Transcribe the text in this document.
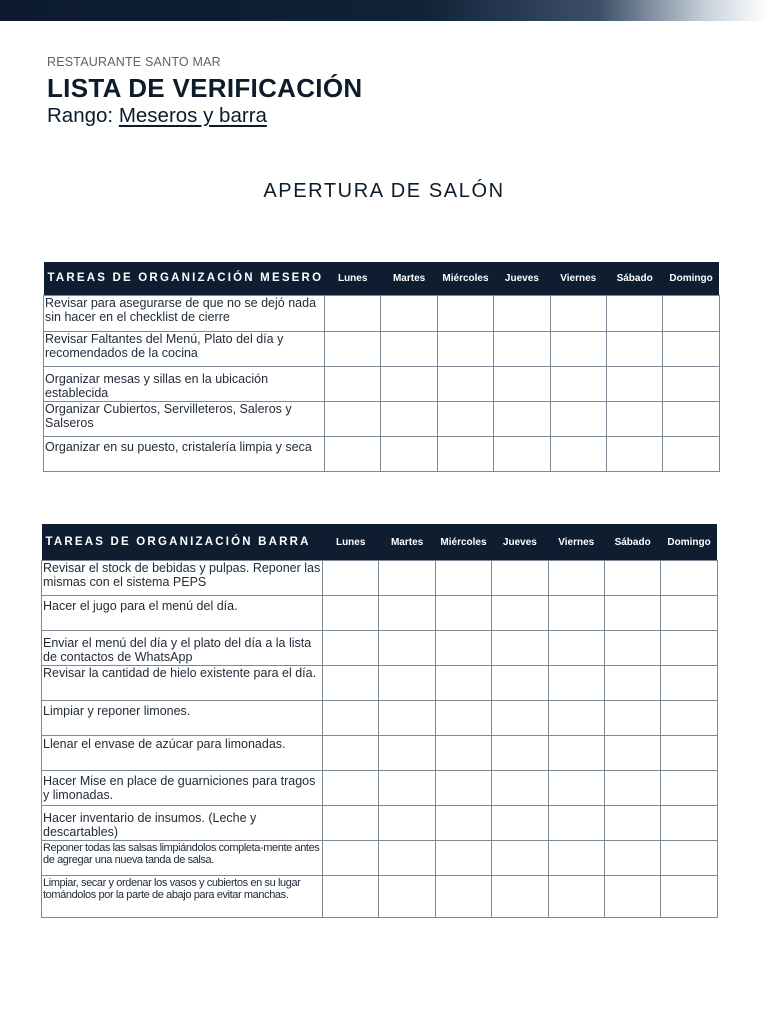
RESTAURANTE SANTO MAR
LISTA DE VERIFICACIÓN
Rango: Meseros y barra
APERTURA DE SALÓN
TAREAS DE ORGANIZACIÓN MESERO	Lunes	Martes	Miércoles	Jueves	Viernes	Sábado	Domingo
Revisar para asegurarse de que no se dejó nada sin hacer en el checklist de cierre							
Revisar Faltantes del Menú, Plato del día y recomendados de la cocina							
Organizar mesas y sillas en la ubicación establecida							
Organizar Cubiertos, Servilleteros, Saleros y Salseros							
Organizar en su puesto, cristalería limpia y seca							
TAREAS DE ORGANIZACIÓN BARRA	Lunes	Martes	Miércoles	Jueves	Viernes	Sábado	Domingo
Revisar el stock de bebidas y pulpas. Reponer las mismas con el sistema PEPS							
Hacer el jugo para el menú del día.							
Enviar el menú del día y el plato del día a la lista de contactos de WhatsApp							
Revisar la cantidad de hielo existente para el día.							
Limpiar y reponer limones.							
Llenar el envase de azúcar para limonadas.							
Hacer Mise en place de guarniciones para tragos y limonadas.							
Hacer inventario de insumos. (Leche y descartables)							
Reponer todas las salsas limpiándolos completa-mente antes de agregar una nueva tanda de salsa.							
Limpiar, secar y ordenar los vasos y cubiertos en su lugar tomándolos por la parte de abajo para evitar manchas.							
